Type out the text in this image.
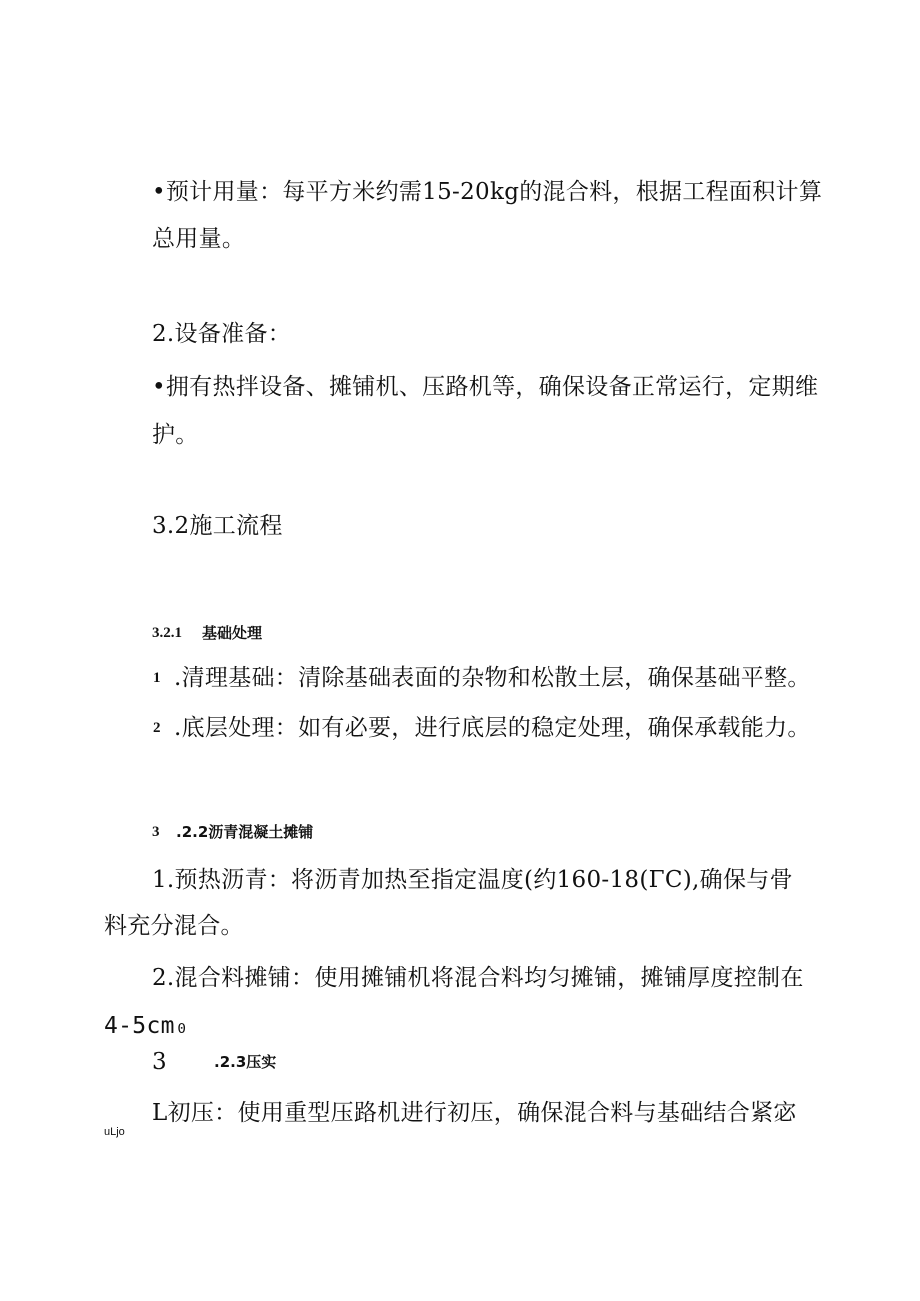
•预计用量：每平方米约需15-20kg的混合料，根据工程面积计算
总用量。
2.设备准备：
•拥有热拌设备、摊铺机、压路机等，确保设备正常运行，定期维
护。
3.2施工流程
3.2.1 基础处理
1 .清理基础：清除基础表面的杂物和松散土层，确保基础平整。
2 .底层处理：如有必要，进行底层的稳定处理，确保承载能力。
3 .2.2沥青混凝土摊铺
1.预热沥青：将沥青加热至指定温度(约160-18(ΓC),确保与骨
料充分混合。
2.混合料摊铺：使用摊铺机将混合料均匀摊铺，摊铺厚度控制在
4-5cm₀
3	.2.3压实
L初压：使用重型压路机进行初压，确保混合料与基础结合紧宓
uLjo
